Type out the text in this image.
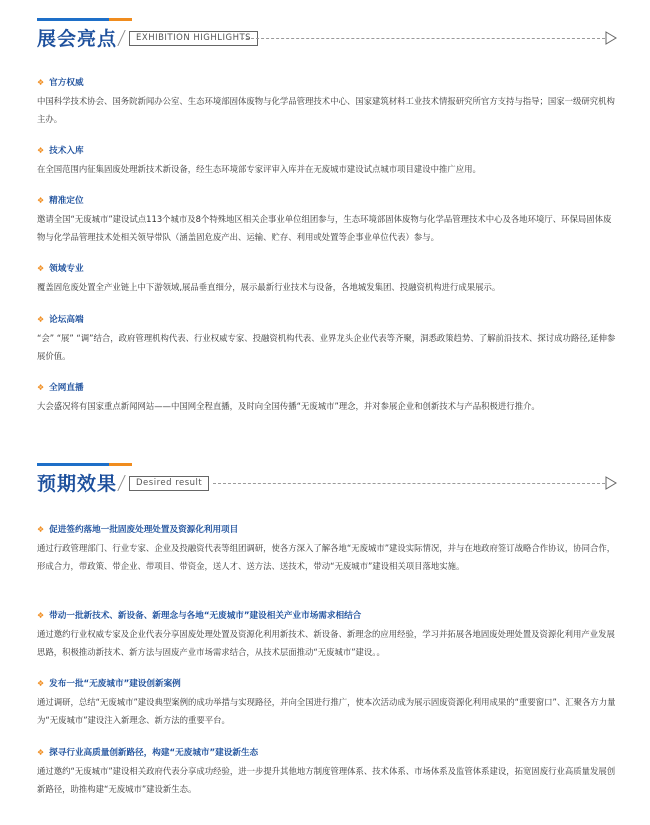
展会亮点	EXHIBITION HIGHLIGHTS
❖ 官方权威
中国科学技术协会、国务院新闻办公室、生态环境部固体废物与化学品管理技术中心、国家建筑材料工业技术情报研究所官方支持与指导；国家一级研究机构主办。
❖ 技术入库
在全国范围内征集固废处理新技术新设备，经生态环境部专家评审入库并在无废城市建设试点城市项目建设中推广应用。
❖ 精准定位
邀请全国“无废城市”建设试点113个城市及8个特殊地区相关企事业单位组团参与，生态环境部固体废物与化学品管理技术中心及各地环境厅、环保局固体废物与化学品管理技术处相关领导带队（涵盖固危废产出、运输、贮存、利用或处置等企事业单位代表）参与。
❖ 领域专业
覆盖固危废处置全产业链上中下游领域,展品垂直细分，展示最新行业技术与设备，各地城发集团、投融资机构进行成果展示。
❖ 论坛高端
“会” “展” “调”结合，政府管理机构代表、行业权威专家、投融资机构代表、业界龙头企业代表等齐聚，洞悉政策趋势、了解前沿技术、探讨成功路径,延伸参展价值。
❖ 全网直播
大会盛况将有国家重点新闻网站——中国网全程直播，及时向全国传播“无废城市”理念，并对参展企业和创新技术与产品积极进行推介。
预期效果	Desired result
❖ 促进签约落地一批固废处理处置及资源化利用项目
通过行政管理部门、行业专家、企业及投融资代表等组团调研，使各方深入了解各地“无废城市”建设实际情况，并与在地政府签订战略合作协议，协同合作，形成合力，带政策、带企业、带项目、带资金，送人才、送方法、送技术，带动“无废城市”建设相关项目落地实施。
❖ 带动一批新技术、新设备、新理念与各地“无废城市”建设相关产业市场需求相结合
通过邀约行业权威专家及企业代表分享固废处理处置及资源化利用新技术、新设备、新理念的应用经验，学习并拓展各地固废处理处置及资源化利用产业发展思路，积极推动新技术、新方法与固废产业市场需求结合，从技术层面推动“无废城市”建设。。
❖ 发布一批“无废城市”建设创新案例
通过调研，总结“无废城市”建设典型案例的成功举措与实现路径，并向全国进行推广，使本次活动成为展示固废资源化利用成果的“重要窗口”、汇聚各方力量为“无废城市”建设注入新理念、新方法的重要平台。
❖ 探寻行业高质量创新路径，构建“无废城市”建设新生态
通过邀约“无废城市”建设相关政府代表分享成功经验，进一步提升其他地方制度管理体系、技术体系、市场体系及监管体系建设，拓宽固废行业高质量发展创新路径，助推构建“无废城市”建设新生态。
